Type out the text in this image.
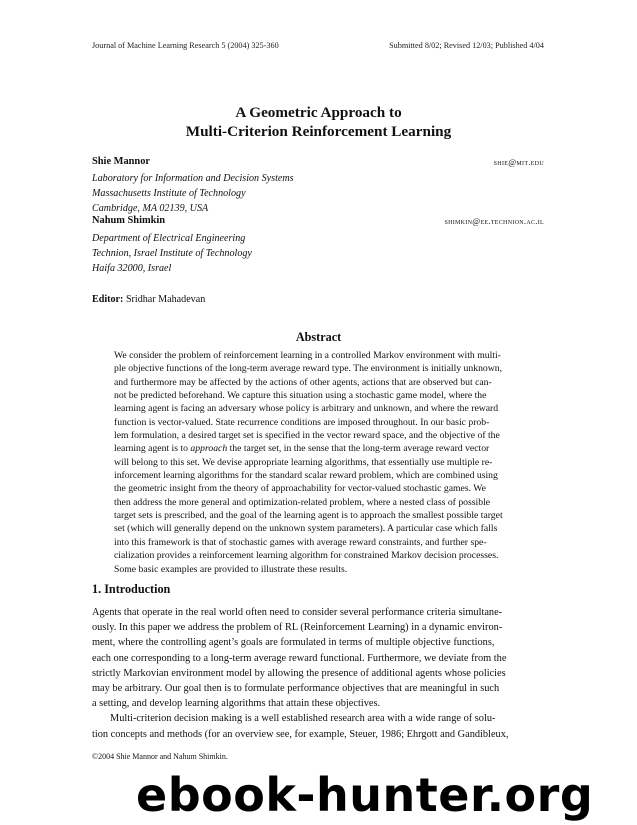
Journal of Machine Learning Research 5 (2004) 325-360	Submitted 8/02; Revised 12/03; Published 4/04
A Geometric Approach to
Multi-Criterion Reinforcement Learning
Shie Mannor	shie@mit.edu
Laboratory for Information and Decision Systems
Massachusetts Institute of Technology
Cambridge, MA 02139, USA
Nahum Shimkin	shimkin@ee.technion.ac.il
Department of Electrical Engineering
Technion, Israel Institute of Technology
Haifa 32000, Israel
Editor: Sridhar Mahadevan
Abstract
We consider the problem of reinforcement learning in a controlled Markov environment with multi-
ple objective functions of the long-term average reward type. The environment is initially unknown,
and furthermore may be affected by the actions of other agents, actions that are observed but can-
not be predicted beforehand. We capture this situation using a stochastic game model, where the
learning agent is facing an adversary whose policy is arbitrary and unknown, and where the reward
function is vector-valued. State recurrence conditions are imposed throughout. In our basic prob-
lem formulation, a desired target set is specified in the vector reward space, and the objective of the
learning agent is to approach the target set, in the sense that the long-term average reward vector
will belong to this set. We devise appropriate learning algorithms, that essentially use multiple re-
inforcement learning algorithms for the standard scalar reward problem, which are combined using
the geometric insight from the theory of approachability for vector-valued stochastic games. We
then address the more general and optimization-related problem, where a nested class of possible
target sets is prescribed, and the goal of the learning agent is to approach the smallest possible target
set (which will generally depend on the unknown system parameters). A particular case which falls
into this framework is that of stochastic games with average reward constraints, and further spe-
cialization provides a reinforcement learning algorithm for constrained Markov decision processes.
Some basic examples are provided to illustrate these results.
1. Introduction
Agents that operate in the real world often need to consider several performance criteria simultane-
ously. In this paper we address the problem of RL (Reinforcement Learning) in a dynamic environ-
ment, where the controlling agent’s goals are formulated in terms of multiple objective functions,
each one corresponding to a long-term average reward functional. Furthermore, we deviate from the
strictly Markovian environment model by allowing the presence of additional agents whose policies
may be arbitrary. Our goal then is to formulate performance objectives that are meaningful in such
a setting, and develop learning algorithms that attain these objectives.
Multi-criterion decision making is a well established research area with a wide range of solu-
tion concepts and methods (for an overview see, for example, Steuer, 1986; Ehrgott and Gandibleux,
©2004 Shie Mannor and Nahum Shimkin.
ebook-hunter.org
